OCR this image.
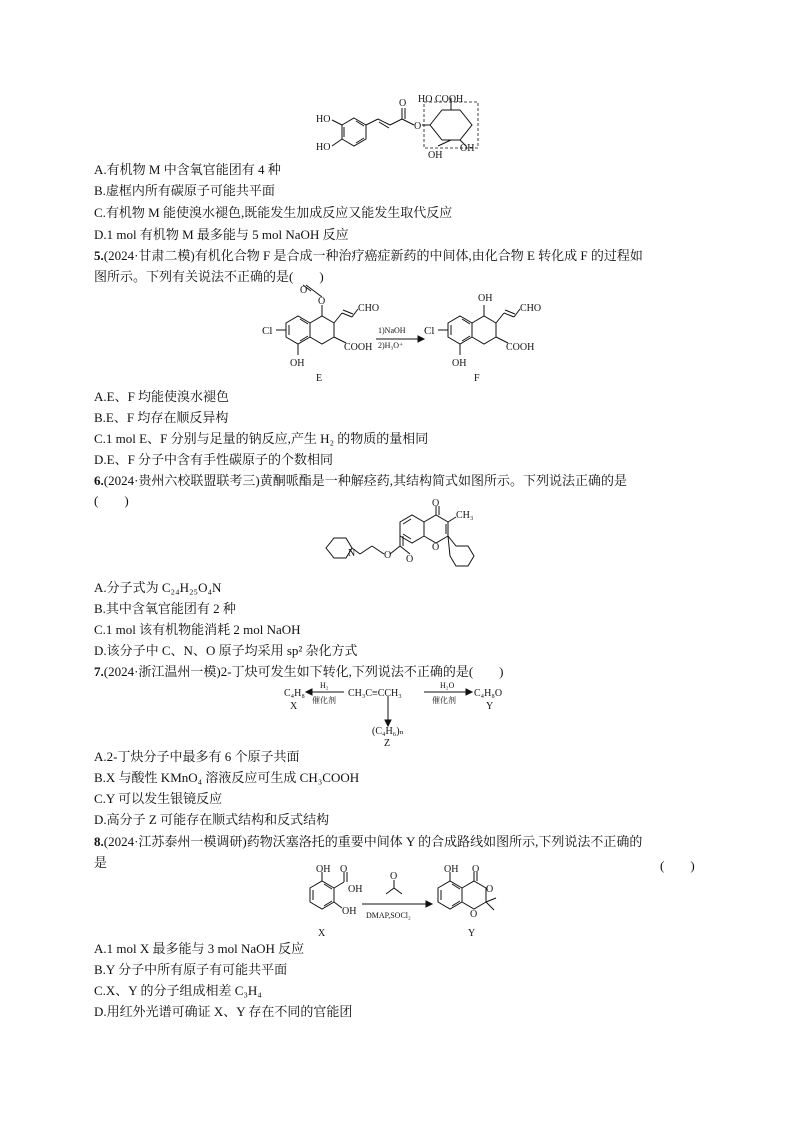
HO COOH
O
O
HO
HO	OH
OH
A.有机物 M 中含氧官能团有 4 种
B.虚框内所有碳原子可能共平面
C.有机物 M 能使溴水褪色,既能发生加成反应又能发生取代反应
D.1 mol 有机物 M 最多能与 5 mol NaOH 反应
5.(2024·甘肃二模)有机化合物 F 是合成一种治疗癌症新药的中间体,由化合物 E 转化成 F 的过程如
图所示。下列有关说法不正确的是(　　)
O
O
Cl
CHO
COOH
OH
E
1)NaOH
2)H₃O⁺
Cl
OH
CHO
COOH
OH
F
A.E、F 均能使溴水褪色
B.E、F 均存在顺反异构
C.1 mol E、F 分别与足量的钠反应,产生 H₂ 的物质的量相同
D.E、F 分子中含有手性碳原子的个数相同
6.(2024·贵州六校联盟联考三)黄酮哌酯是一种解痉药,其结构简式如图所示。下列说法正确的是
(　　)	O
CH₃
N	O O
O
A.分子式为 C₂₄H₂₅O₄N
B.其中含氧官能团有 2 种
C.1 mol 该有机物能消耗 2 mol NaOH
D.该分子中 C、N、O 原子均采用 sp² 杂化方式
7.(2024·浙江温州一模)2-丁炔可发生如下转化,下列说法不正确的是(　　)
C₄H₈
X
H₂
催化剂
CH₃C≡CCH₃
H₂O
催化剂
C₄H₈O
Y
(C₄H₆)ₙ
Z
A.2-丁炔分子中最多有 6 个原子共面
B.X 与酸性 KMnO₄ 溶液反应可生成 CH₃COOH
C.Y 可以发生银镜反应
D.高分子 Z 可能存在顺式结构和反式结构
8.(2024·江苏泰州一模调研)药物沃塞洛托的重要中间体 Y 的合成路线如图所示,下列说法不正确的
是	(　　)
OH O
OH
OH
O
DMAP,SOCl₂
OH O
O
O
X	Y
A.1 mol X 最多能与 3 mol NaOH 反应
B.Y 分子中所有原子有可能共平面
C.X、Y 的分子组成相差 C₃H₄
D.用红外光谱可确证 X、Y 存在不同的官能团
